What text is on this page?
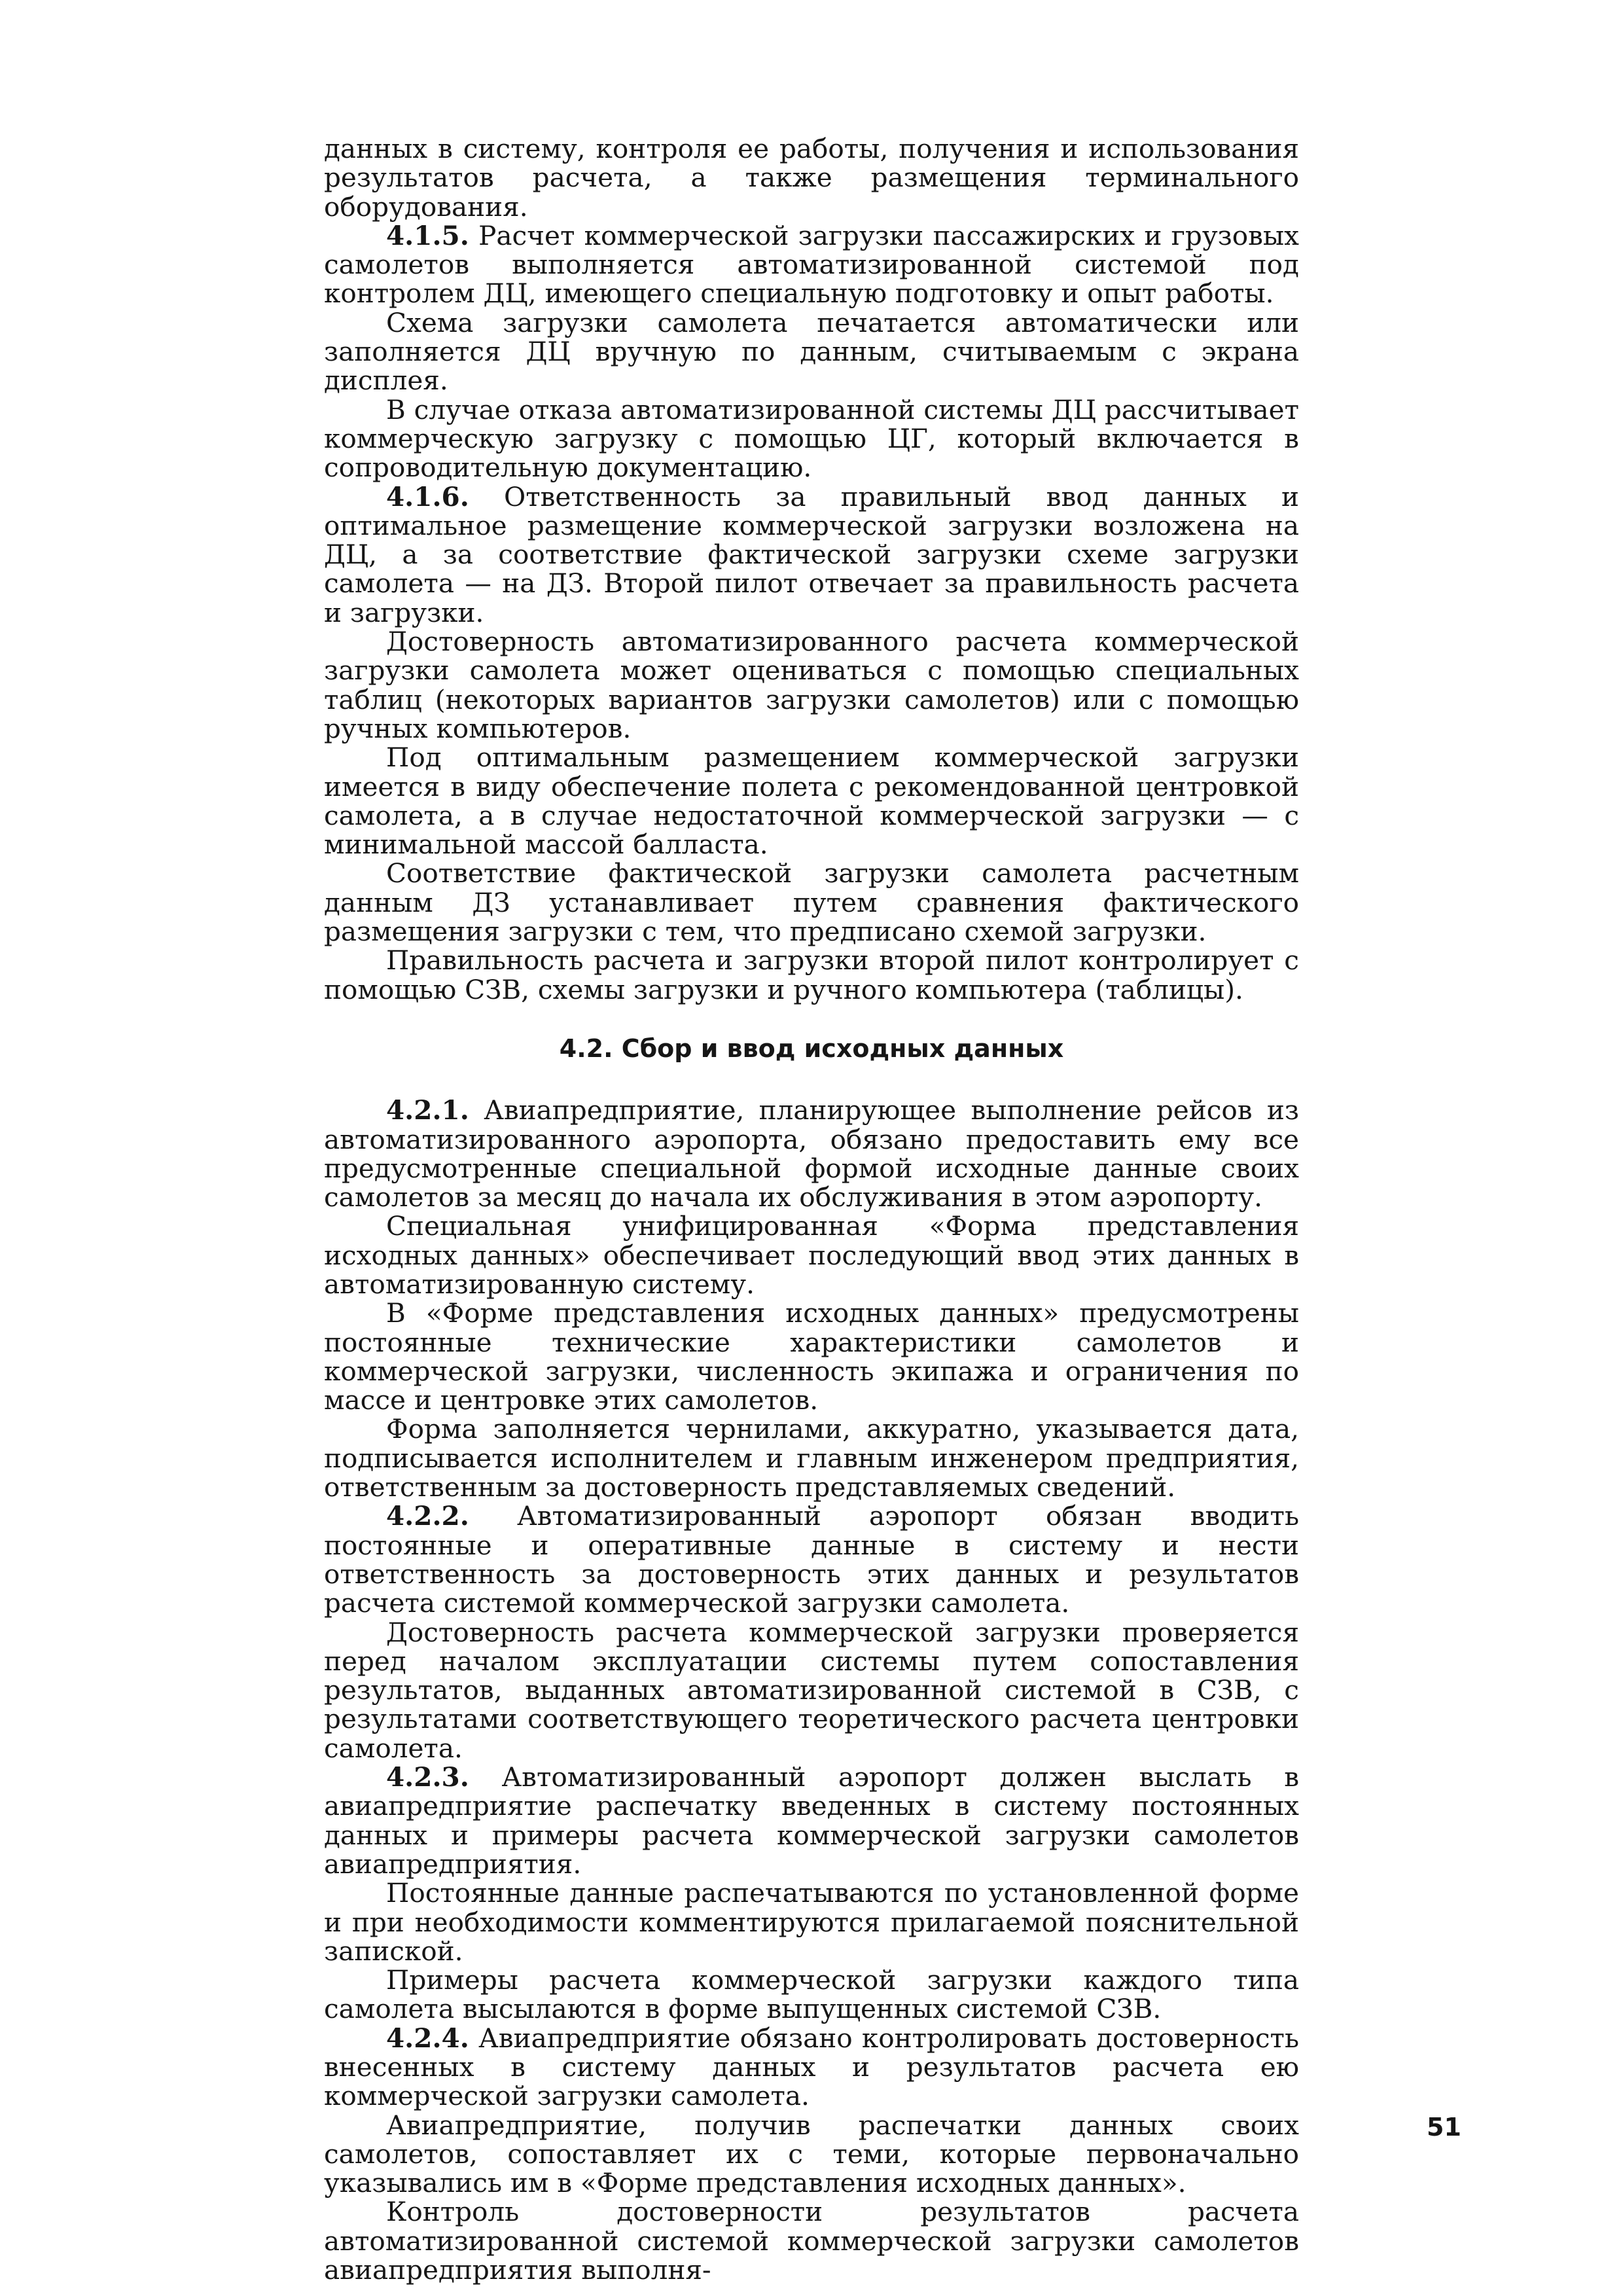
данных в систему, контроля ее работы, получения и использования результатов расчета, а также размещения терминального оборудования.

4.1.5. Расчет коммерческой загрузки пассажирских и грузовых самолетов выполняется автоматизированной системой под контролем ДЦ, имеющего специальную подготовку и опыт работы.

Схема загрузки самолета печатается автоматически или заполняется ДЦ вручную по данным, считываемым с экрана дисплея.

В случае отказа автоматизированной системы ДЦ рассчитывает коммерческую загрузку с помощью ЦГ, который включается в сопроводительную документацию.

4.1.6. Ответственность за правильный ввод данных и оптимальное размещение коммерческой загрузки возложена на ДЦ, а за соответствие фактической загрузки схеме загрузки самолета — на ДЗ. Второй пилот отвечает за правильность расчета и загрузки.

Достоверность автоматизированного расчета коммерческой загрузки самолета может оцениваться с помощью специальных таблиц (некоторых вариантов загрузки самолетов) или с помощью ручных компьютеров.

Под оптимальным размещением коммерческой загрузки имеется в виду обеспечение полета с рекомендованной центровкой самолета, а в случае недостаточной коммерческой загрузки — с минимальной массой балласта.

Соответствие фактической загрузки самолета расчетным данным ДЗ устанавливает путем сравнения фактического размещения загрузки с тем, что предписано схемой загрузки.

Правильность расчета и загрузки второй пилот контролирует с помощью СЗВ, схемы загрузки и ручного компьютера (таблицы).

4.2. Сбор и ввод исходных данных

4.2.1. Авиапредприятие, планирующее выполнение рейсов из автоматизированного аэропорта, обязано предоставить ему все предусмотренные специальной формой исходные данные своих самолетов за месяц до начала их обслуживания в этом аэропорту.

Специальная унифицированная «Форма представления исходных данных» обеспечивает последующий ввод этих данных в автоматизированную систему.

В «Форме представления исходных данных» предусмотрены постоянные технические характеристики самолетов и коммерческой загрузки, численность экипажа и ограничения по массе и центровке этих самолетов.

Форма заполняется чернилами, аккуратно, указывается дата, подписывается исполнителем и главным инженером предприятия, ответственным за достоверность представляемых сведений.

4.2.2. Автоматизированный аэропорт обязан вводить постоянные и оперативные данные в систему и нести ответственность за достоверность этих данных и результатов расчета системой коммерческой загрузки самолета.

Достоверность расчета коммерческой загрузки проверяется перед началом эксплуатации системы путем сопоставления результатов, выданных автоматизированной системой в СЗВ, с результатами соответствующего теоретического расчета центровки самолета.

4.2.3. Автоматизированный аэропорт должен выслать в авиапредприятие распечатку введенных в систему постоянных данных и примеры расчета коммерческой загрузки самолетов авиапредприятия.

Постоянные данные распечатываются по установленной форме и при необходимости комментируются прилагаемой пояснительной запиской.

Примеры расчета коммерческой загрузки каждого типа самолета высылаются в форме выпущенных системой СЗВ.

4.2.4. Авиапредприятие обязано контролировать достоверность внесенных в систему данных и результатов расчета ею коммерческой загрузки самолета.

Авиапредприятие, получив распечатки данных своих самолетов, сопоставляет их с теми, которые первоначально указывались им в «Форме представления исходных данных».

Контроль достоверности результатов расчета автоматизированной системой коммерческой загрузки самолетов авиапредприятия выполня-

51
